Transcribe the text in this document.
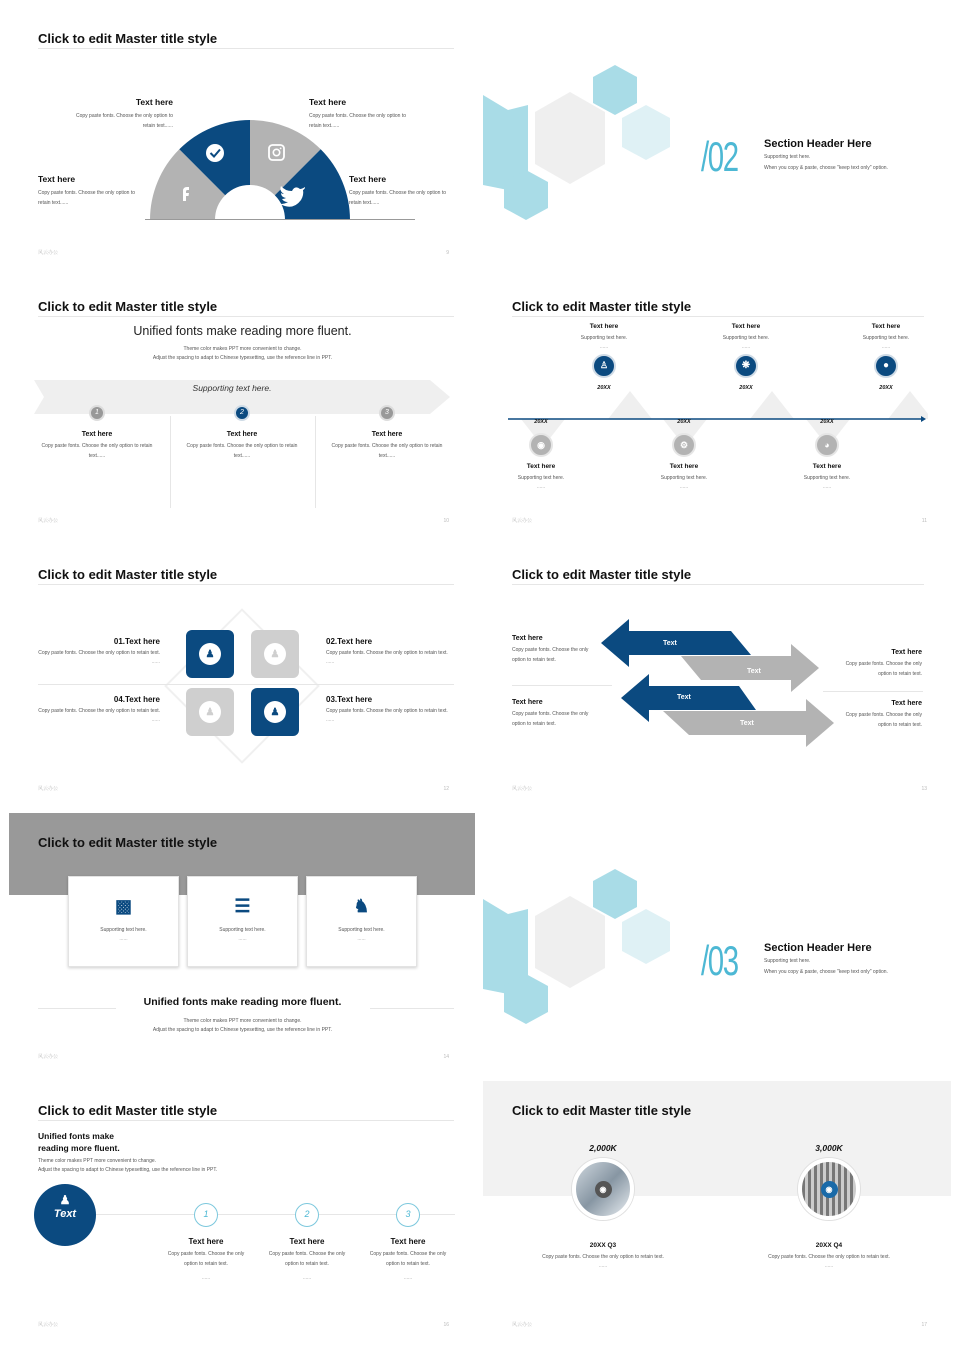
Click to edit Master title style
Text here
Copy paste fonts. Choose the only option to retain text......
Text here
Copy paste fonts. Choose the only option to retain text......
Text here
Copy paste fonts. Choose the only option to retain text......
Text here
Copy paste fonts. Choose the only option to retain text......
风云办公	9
/02 Section Header Here
Supporting text here.
When you copy & paste, choose "keep text only" option.
Click to edit Master title style
Unified fonts make reading more fluent.
Theme color makes PPT more convenient to change.
Adjust the spacing to adapt to Chinese typesetting, use the reference line in PPT.
Supporting text here.
1
Text here
Copy paste fonts. Choose the only option to retain text......
2
Text here
Copy paste fonts. Choose the only option to retain text......
3
Text here
Copy paste fonts. Choose the only option to retain text......
风云办公	10
Click to edit Master title style
Text here
Supporting text here.
......
♙
20XX
Text here
Supporting text here.
......
❋
20XX
Text here
Supporting text here.
......
●
20XX
20XX
◉
Text here
Supporting text here.
......
20XX
⚙
Text here
Supporting text here.
......
20XX
◕
Text here
Supporting text here.
......
风云办公	11
Click to edit Master title style
♟	♟
♟	♟
01.Text here
Copy paste fonts. Choose the only option to retain text.
......
02.Text here
Copy paste fonts. Choose the only option to retain text.
......
04.Text here
Copy paste fonts. Choose the only option to retain text.
......
03.Text here
Copy paste fonts. Choose the only option to retain text.
......
风云办公	12
Click to edit Master title style
Text
Text
Text
Text
Text here
Copy paste fonts. Choose the only option to retain text.
Text here
Copy paste fonts. Choose the only option to retain text.
Text here
Copy paste fonts. Choose the only option to retain text.
Text here
Copy paste fonts. Choose the only option to retain text.
风云办公	13
Click to edit Master title style
▩
Supporting text here.
......
☰
Supporting text here.
......
♞
Supporting text here.
......
Unified fonts make reading more fluent.
Theme color makes PPT more convenient to change.
Adjust the spacing to adapt to Chinese typesetting, use the reference line in PPT.
风云办公	14
/03 Section Header Here
Supporting text here.
When you copy & paste, choose "keep text only" option.
Click to edit Master title style
Unified fonts make
reading more fluent.
Theme color makes PPT more convenient to change.
Adjust the spacing to adapt to Chinese typesetting, use the reference line in PPT.
♟
Text	1
Text here
Copy paste fonts. Choose the only option to retain text.
......
2
Text here
Copy paste fonts. Choose the only option to retain text.
......
3
Text here
Copy paste fonts. Choose the only option to retain text.
......
风云办公	16
Click to edit Master title style
2,000K
◉
20XX Q3
Copy paste fonts. Choose the only option to retain text.
......
3,000K
◉
20XX Q4
Copy paste fonts. Choose the only option to retain text.
......
风云办公	17
